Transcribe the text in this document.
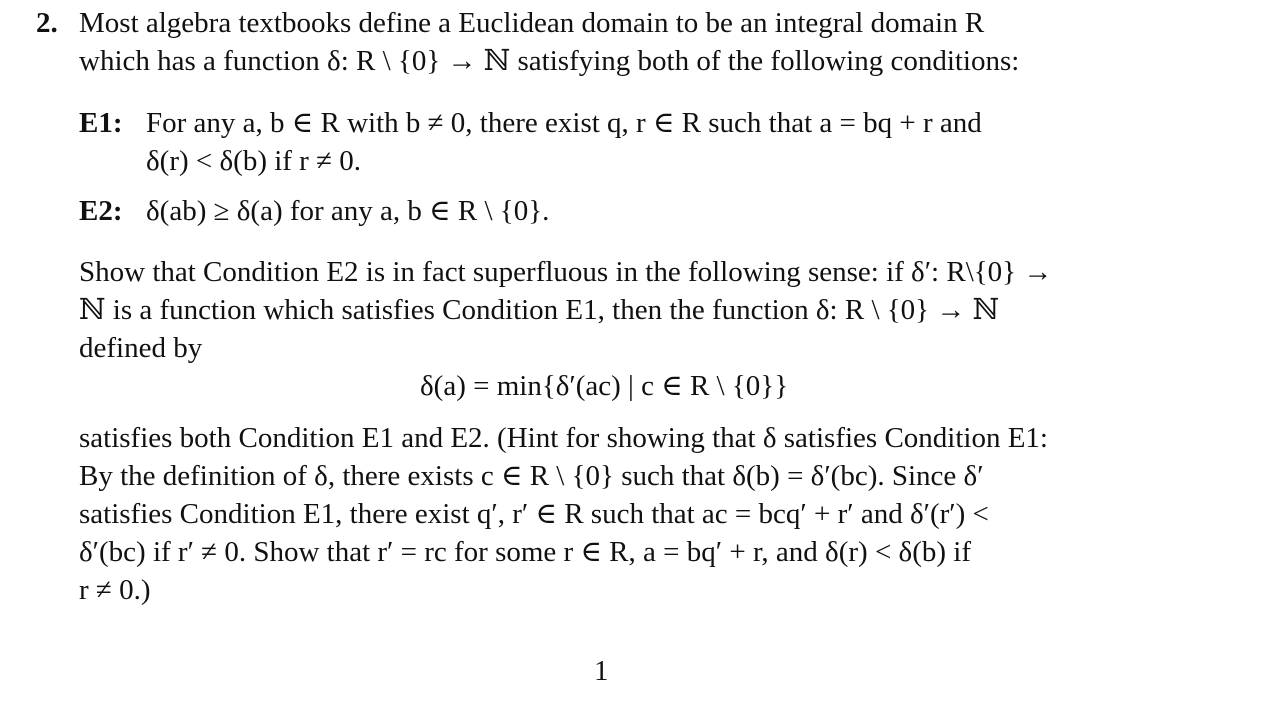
2. Most algebra textbooks define a Euclidean domain to be an integral domain R
which has a function δ: R \ {0} → ℕ satisfying both of the following conditions:
E1: For any a, b ∈ R with b ≠ 0, there exist q, r ∈ R such that a = bq + r and
δ(r) < δ(b) if r ≠ 0.
E2: δ(ab) ≥ δ(a) for any a, b ∈ R \ {0}.
Show that Condition E2 is in fact superfluous in the following sense: if δ′: R\{0} →
ℕ is a function which satisfies Condition E1, then the function δ: R \ {0} → ℕ
defined by
δ(a) = min{δ′(ac) | c ∈ R \ {0}}
satisfies both Condition E1 and E2. (Hint for showing that δ satisfies Condition E1:
By the definition of δ, there exists c ∈ R \ {0} such that δ(b) = δ′(bc). Since δ′
satisfies Condition E1, there exist q′, r′ ∈ R such that ac = bcq′ + r′ and δ′(r′) <
δ′(bc) if r′ ≠ 0. Show that r′ = rc for some r ∈ R, a = bq′ + r, and δ(r) < δ(b) if
r ≠ 0.)
1
